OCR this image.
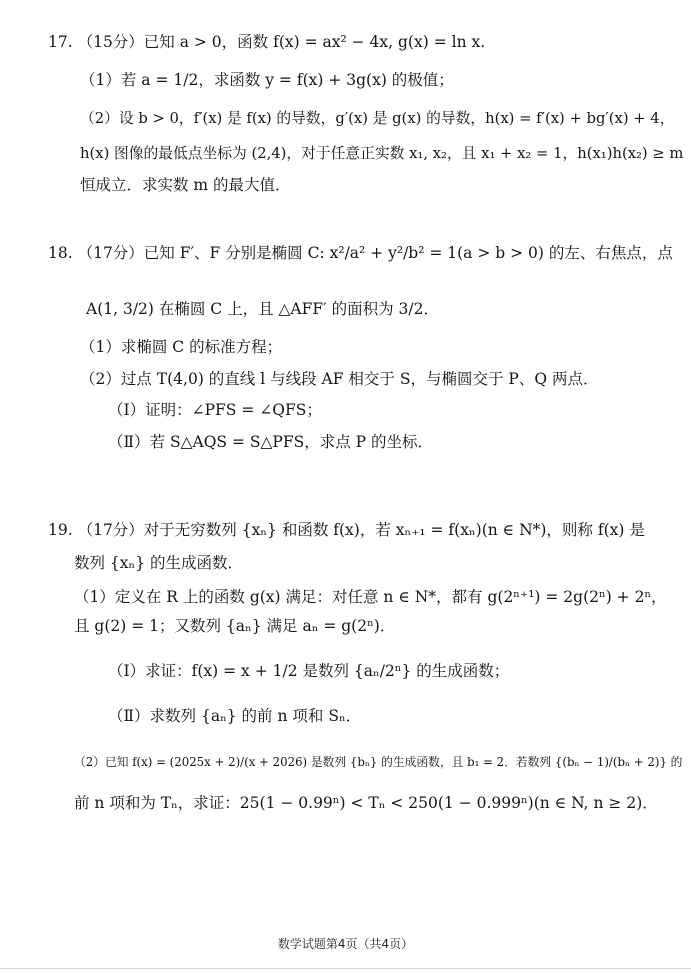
17. （15分）已知 a > 0，函数 f(x) = ax² − 4x, g(x) = ln x.
（1）若 a = 1/2，求函数 y = f(x) + 3g(x) 的极值；
（2）设 b > 0，f′(x) 是 f(x) 的导数，g′(x) 是 g(x) 的导数，h(x) = f′(x) + bg′(x) + 4，
h(x) 图像的最低点坐标为 (2,4)，对于任意正实数 x₁, x₂，且 x₁ + x₂ = 1，h(x₁)h(x₂) ≥ m
恒成立．求实数 m 的最大值．
18. （17分）已知 F′、F 分别是椭圆 C: x²/a² + y²/b² = 1(a > b > 0) 的左、右焦点，点
A(1, 3/2) 在椭圆 C 上，且 △AFF′ 的面积为 3/2．
（1）求椭圆 C 的标准方程；
（2）过点 T(4,0) 的直线 l 与线段 AF 相交于 S，与椭圆交于 P、Q 两点．
（Ⅰ）证明：∠PFS = ∠QFS；
（Ⅱ）若 S△AQS = S△PFS，求点 P 的坐标．
19. （17分）对于无穷数列 {xₙ} 和函数 f(x)，若 xₙ₊₁ = f(xₙ)(n ∈ N*)，则称 f(x) 是
数列 {xₙ} 的生成函数．
（1）定义在 R 上的函数 g(x) 满足：对任意 n ∈ N*，都有 g(2ⁿ⁺¹) = 2g(2ⁿ) + 2ⁿ，
且 g(2) = 1；又数列 {aₙ} 满足 aₙ = g(2ⁿ)．
（Ⅰ）求证：f(x) = x + 1/2 是数列 {aₙ/2ⁿ} 的生成函数；
（Ⅱ）求数列 {aₙ} 的前 n 项和 Sₙ．
（2）已知 f(x) = (2025x + 2)/(x + 2026) 是数列 {bₙ} 的生成函数，且 b₁ = 2．若数列 {(bₙ − 1)/(bₙ + 2)} 的
前 n 项和为 Tₙ，求证：25(1 − 0.99ⁿ) < Tₙ < 250(1 − 0.999ⁿ)(n ∈ N, n ≥ 2)．
数学试题第4页（共4页）
